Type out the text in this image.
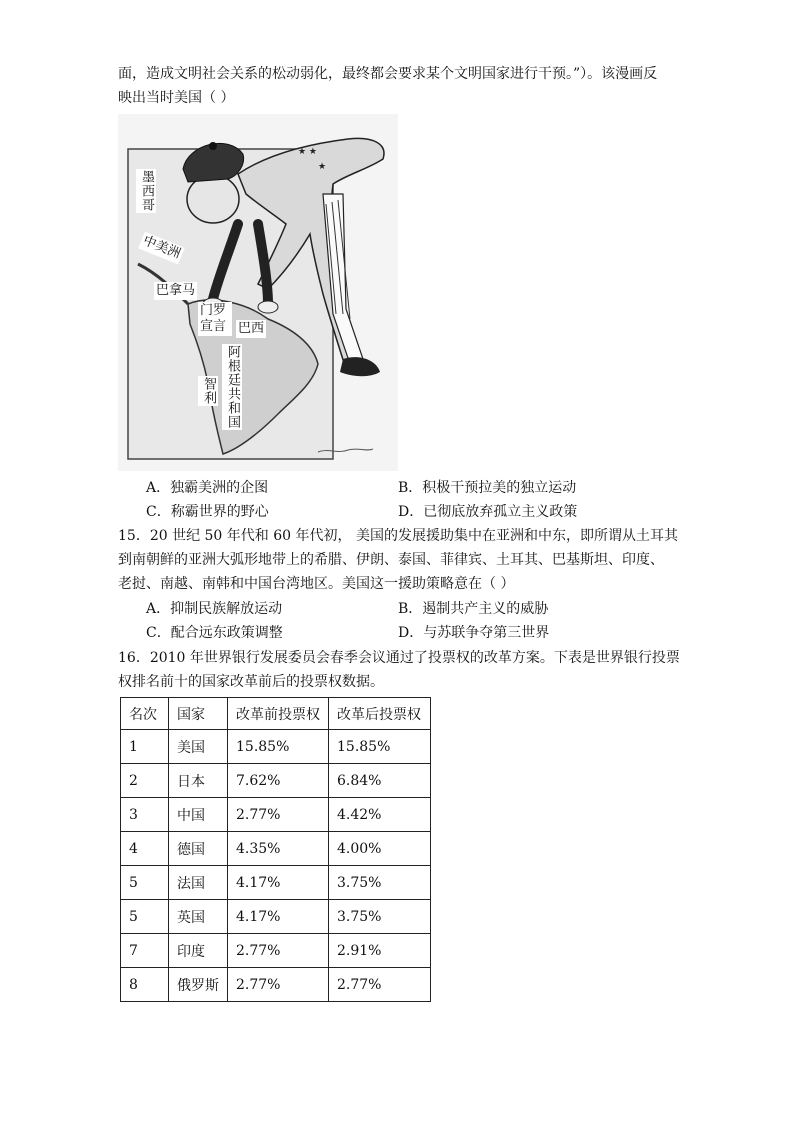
面，造成文明社会关系的松动弱化，最终都会要求某个文明国家进行干预。”）。该漫画反
映出当时美国（ ）
★ ★
★
墨西哥
中美洲
巴拿马
门罗宣言 巴西
阿根廷共和国
智利
A．独霸美洲的企图	B．积极干预拉美的独立运动
C．称霸世界的野心	D．已彻底放弃孤立主义政策
15．20 世纪 50 年代和 60 年代初， 美国的发展援助集中在亚洲和中东，即所谓从土耳其
到南朝鲜的亚洲大弧形地带上的希腊、伊朗、泰国、菲律宾、土耳其、巴基斯坦、印度、
老挝、南越、南韩和中国台湾地区。美国这一援助策略意在（ ）
A．抑制民族解放运动	B．遏制共产主义的威胁
C．配合远东政策调整	D．与苏联争夺第三世界
16．2010 年世界银行发展委员会春季会议通过了投票权的改革方案。下表是世界银行投票
权排名前十的国家改革前后的投票权数据。
名次	国家	改革前投票权	改革后投票权
1	美国	15.85%	15.85%
2	日本	7.62%	6.84%
3	中国	2.77%	4.42%
4	德国	4.35%	4.00%
5	法国	4.17%	3.75%
5	英国	4.17%	3.75%
7	印度	2.77%	2.91%
8	俄罗斯	2.77%	2.77%
